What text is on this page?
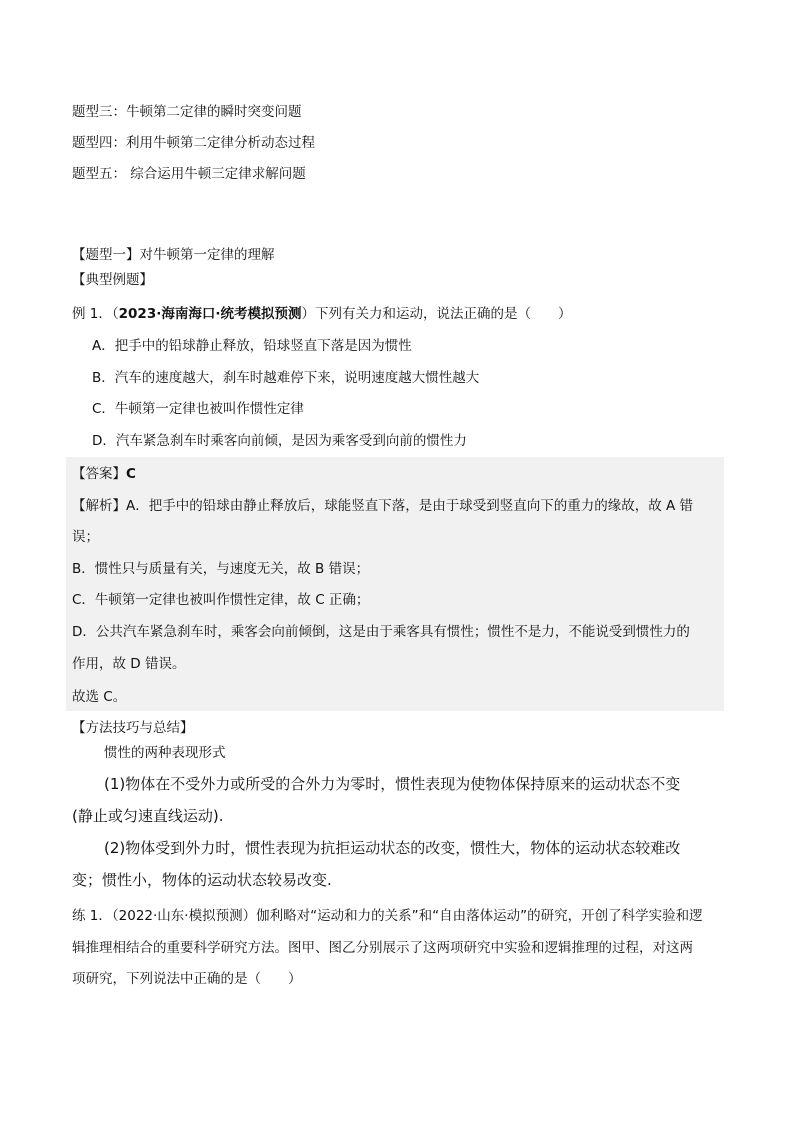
题型三：牛顿第二定律的瞬时突变问题
题型四：利用牛顿第二定律分析动态过程
题型五： 综合运用牛顿三定律求解问题
【题型一】对牛顿第一定律的理解
【典型例题】
例 1．（2023·海南海口·统考模拟预测）下列有关力和运动，说法正确的是（　　）
A．把手中的铅球静止释放，铅球竖直下落是因为惯性
B．汽车的速度越大，刹车时越难停下来，说明速度越大惯性越大
C．牛顿第一定律也被叫作惯性定律
D．汽车紧急刹车时乘客向前倾，是因为乘客受到向前的惯性力
【答案】C
【解析】A．把手中的铅球由静止释放后，球能竖直下落，是由于球受到竖直向下的重力的缘故，故 A 错
误；
B．惯性只与质量有关，与速度无关，故 B 错误；
C．牛顿第一定律也被叫作惯性定律，故 C 正确；
D．公共汽车紧急刹车时，乘客会向前倾倒，这是由于乘客具有惯性；惯性不是力，不能说受到惯性力的
作用，故 D 错误。
故选 C。
【方法技巧与总结】
惯性的两种表现形式
(1)物体在不受外力或所受的合外力为零时，惯性表现为使物体保持原来的运动状态不变
(静止或匀速直线运动).
(2)物体受到外力时，惯性表现为抗拒运动状态的改变，惯性大，物体的运动状态较难改
变；惯性小，物体的运动状态较易改变.
练 1．（2022·山东·模拟预测）伽利略对“运动和力的关系”和“自由落体运动”的研究，开创了科学实验和逻
辑推理相结合的重要科学研究方法。图甲、图乙分别展示了这两项研究中实验和逻辑推理的过程，对这两
项研究，下列说法中正确的是（　　）
